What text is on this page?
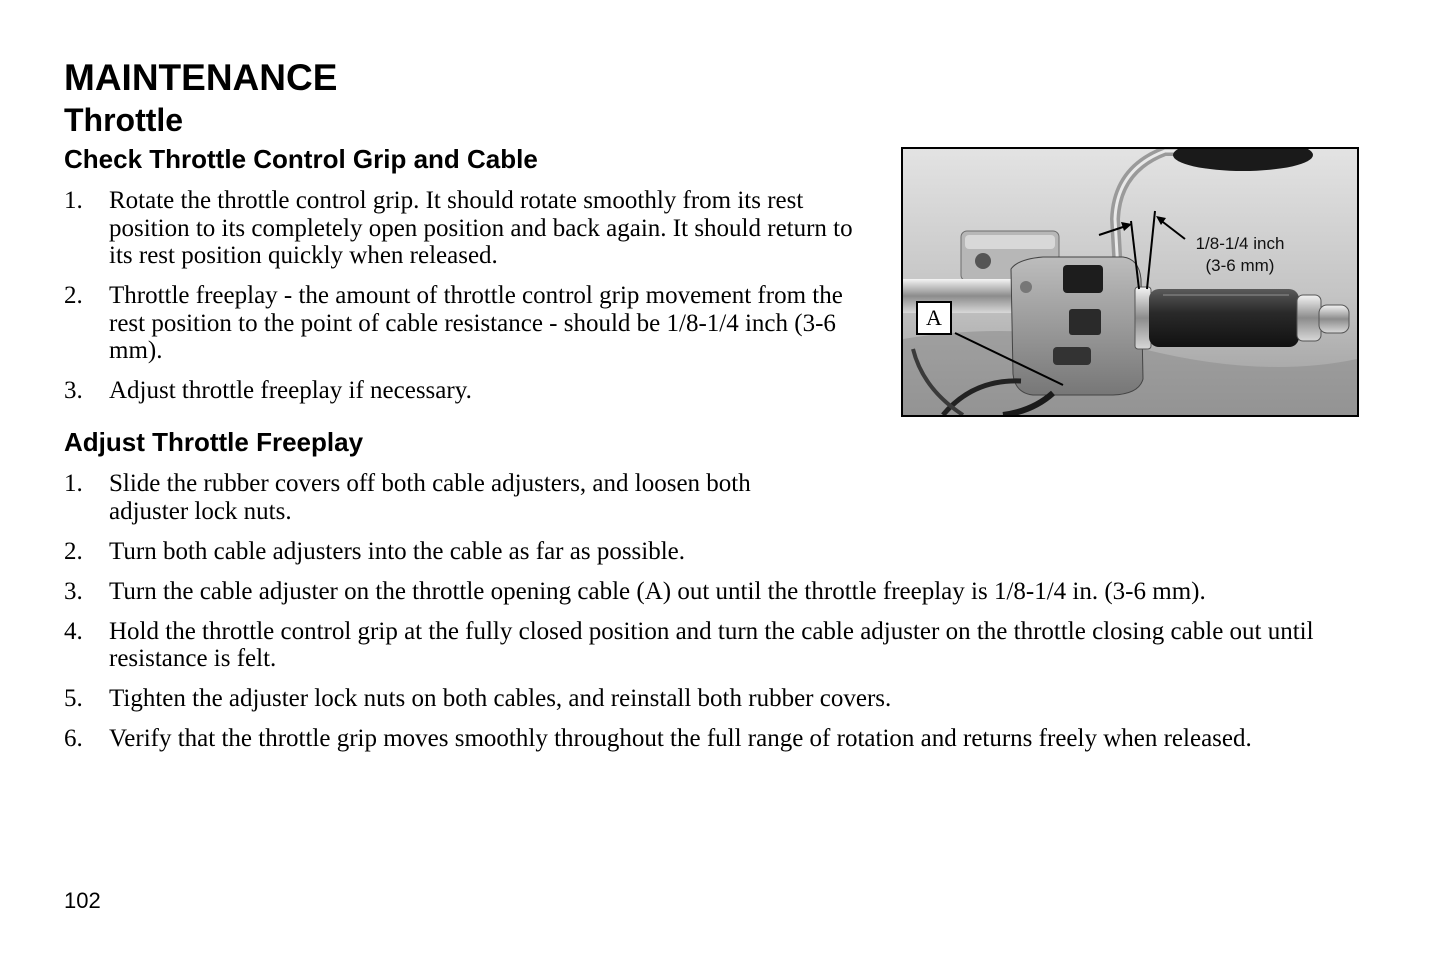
MAINTENANCE
Throttle
Check Throttle Control Grip and Cable
1. Rotate the throttle control grip. It should rotate smoothly from its rest position to its completely open position and back again. It should return to its rest position quickly when released.
2. Throttle freeplay - the amount of throttle control grip movement from the rest position to the point of cable resistance - should be 1/8-1/4 inch (3-6 mm).
3. Adjust throttle freeplay if necessary.
1/8-1/4 inch
(3-6 mm)
A
Adjust Throttle Freeplay
1. Slide the rubber covers off both cable adjusters, and loosen both adjuster lock nuts.
2. Turn both cable adjusters into the cable as far as possible.
3. Turn the cable adjuster on the throttle opening cable (A) out until the throttle freeplay is 1/8-1/4 in. (3-6 mm).
4. Hold the throttle control grip at the fully closed position and turn the cable adjuster on the throttle closing cable out until resistance is felt.
5. Tighten the adjuster lock nuts on both cables, and reinstall both rubber covers.
6. Verify that the throttle grip moves smoothly throughout the full range of rotation and returns freely when released.
102
